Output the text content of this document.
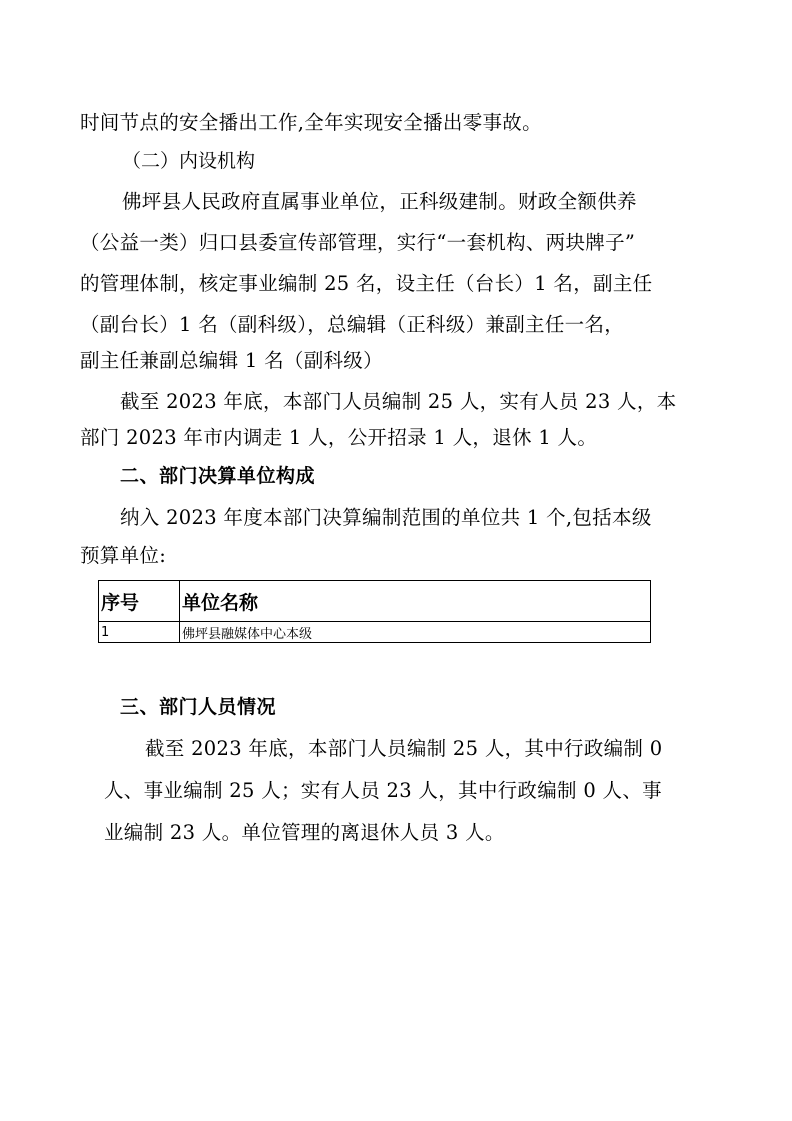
时间节点的安全播出工作,全年实现安全播出零事故。
（二）内设机构
佛坪县人民政府直属事业单位，正科级建制。财政全额供养
（公益一类）归口县委宣传部管理，实行“一套机构、两块牌子”
的管理体制，核定事业编制 25 名，设主任（台长）1 名，副主任
（副台长）1 名（副科级），总编辑（正科级）兼副主任一名，
副主任兼副总编辑 1 名（副科级）
截至 2023 年底，本部门人员编制 25 人，实有人员 23 人，本
部门 2023 年市内调走 1 人，公开招录 1 人，退休 1 人。
二、部门决算单位构成
纳入 2023 年度本部门决算编制范围的单位共 1 个,包括本级
预算单位:
序号	单位名称
1	佛坪县融媒体中心本级
三、部门人员情况
截至 2023 年底，本部门人员编制 25 人，其中行政编制 0
人、事业编制 25 人；实有人员 23 人，其中行政编制 0 人、事
业编制 23 人。单位管理的离退休人员 3 人。
